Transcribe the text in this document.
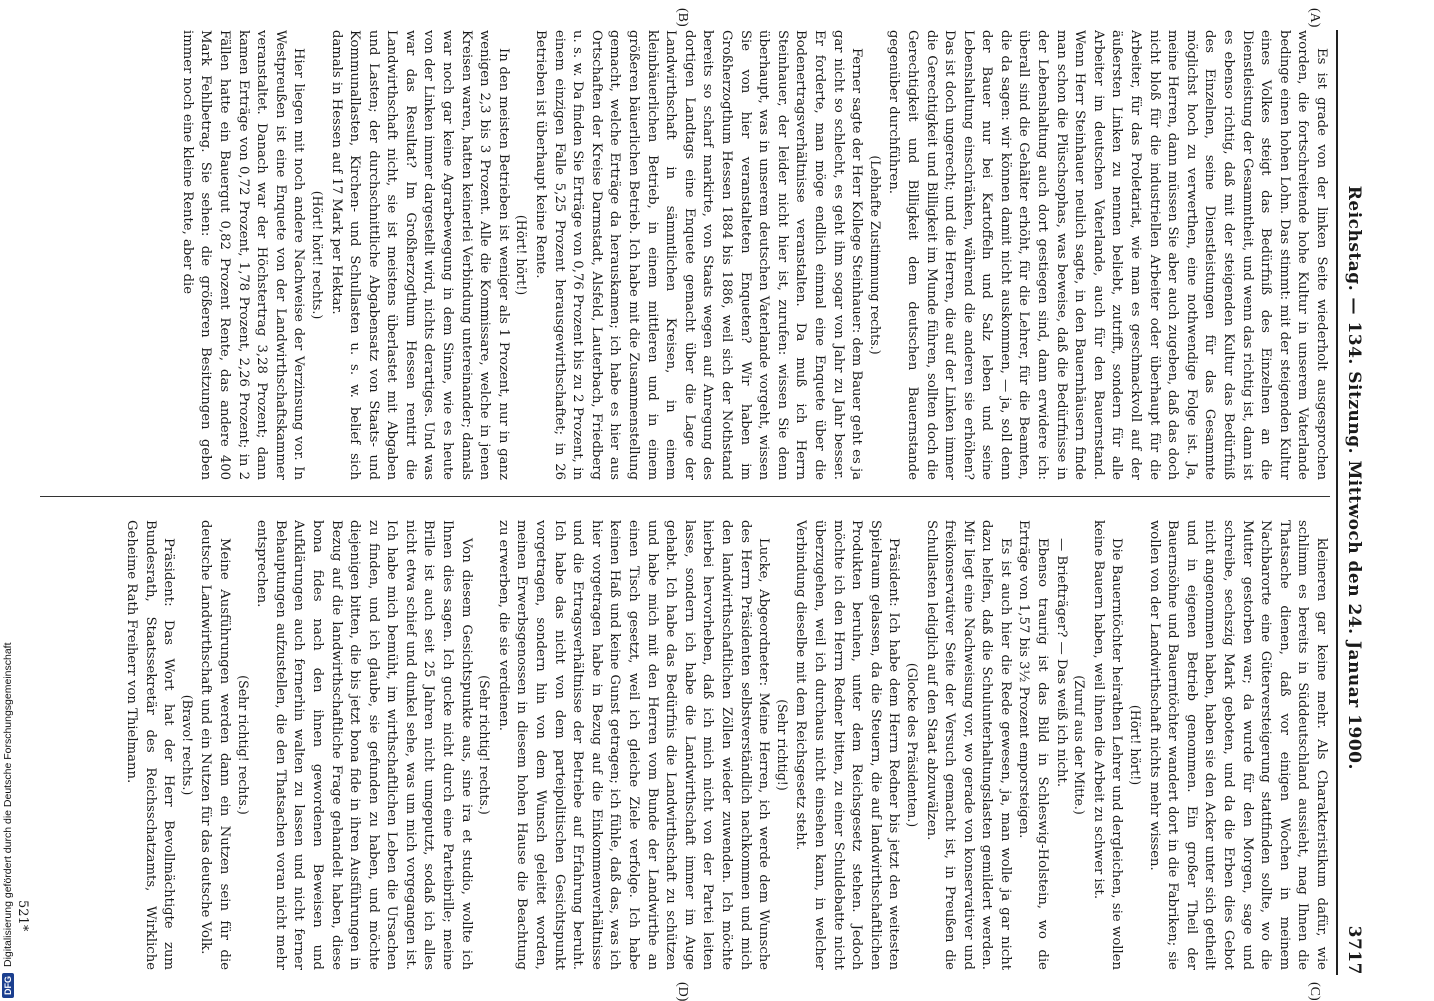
Reichstag. — 134. Sitzung. Mittwoch den 24. Januar 1900.
3717
(A)
(B)
(C)
(D)

Es ist grade von der linken Seite wiederholt ausgesprochen worden, die fortschreitende hohe Kultur in unserem Vaterlande bedinge einen hohen Lohn. Das stimmt: mit der steigenden Kultur eines Volkes steigt das Bedürfniß des Einzelnen an die Dienstleistung der Gesammtheit, und wenn das richtig ist, dann ist es ebenso richtig, daß mit der steigenden Kultur das Bedürfniß des Einzelnen, seine Dienstleistungen für das Gesammte möglichst hoch zu verwerthen, eine nothwendige Folge ist. Ja, meine Herren, dann müssen Sie aber auch zugeben, daß das doch nicht bloß für die industriellen Arbeiter oder überhaupt für die Arbeiter, für das Proletariat, wie man es geschmackvoll auf der äußersten Linken zu nennen beliebt, zutrifft, sondern für alle Arbeiter im deutschen Vaterlande, auch für den Bauernstand. Wenn Herr Steinhauer neulich sagte, in den Bauernhäusern finde man schon die Plüschsophas, was beweise, daß die Bedürfnisse in der Lebenshaltung auch dort gestiegen sind, dann erwidere ich: überall sind die Gehälter erhöht, für die Lehrer, für die Beamten, die da sagen: wir können damit nicht auskommen, — ja, soll denn der Bauer nur bei Kartoffeln und Salz leben und seine Lebenshaltung einschränken, während die anderen sie erhöhen? Das ist doch ungerecht; und die Herren, die auf der Linken immer die Gerechtigkeit und Billigkeit im Munde führen, sollten doch die Gerechtigkeit und Billigkeit dem deutschen Bauernstande gegenüber durchführen.

(Lebhafte Zustimmung rechts.)

Ferner sagte der Herr Kollege Steinhauer: dem Bauer geht es ja gar nicht so schlecht, es geht ihm sogar von Jahr zu Jahr besser. Er forderte, man möge endlich einmal eine Enquete über die Bodenertragsverhältnisse veranstalten. Da muß ich Herrn Steinhauer, der leider nicht hier ist, zurufen: wissen Sie denn überhaupt, was in unserem deutschen Vaterlande vorgeht, wissen Sie von hier veranstalteten Enqueten? Wir haben im Großherzogthum Hessen 1884 bis 1886, weil sich der Nothstand bereits so scharf markirte, von Staats wegen auf Anregung des dortigen Landtags eine Enquete gemacht über die Lage der Landwirthschaft in sämmtlichen Kreisen, in einem kleinbäuerlichen Betrieb, in einem mittleren und in einem größeren bäuerlichen Betrieb. Ich habe mit die Zusammenstellung gemacht, welche Erträge da herauskamen; ich habe es hier aus Ortschaften der Kreise Darmstadt, Alsfeld, Lauterbach, Friedberg u. s. w. Da finden Sie Erträge von 0,76 Prozent bis zu 2 Prozent, in einem einzigen Falle 5,25 Prozent herausgewirthschaftet; in 26 Betrieben ist überhaupt keine Rente.

(Hört! hört!)

In den meisten Betrieben ist weniger als 1 Prozent, nur in ganz wenigen 2,3 bis 3 Prozent. Alle die Kommissare, welche in jenen Kreisen waren, hatten keinerlei Verbindung untereinander; damals war noch gar keine Agrarbewegung in dem Sinne, wie es heute von der Linken immer dargestellt wird, nichts derartiges. Und was war das Resultat? Im Großherzogthum Hessen rentirt die Landwirthschaft nicht, sie ist meistens überlastet mit Abgaben und Lasten; der durchschnittliche Abgabensatz von Staats- und Kommunallasten, Kirchen- und Schullasten u. s. w. belief sich damals in Hessen auf 17 Mark per Hektar.

(Hört! hört! rechts.)

Hier liegen mit noch andere Nachweise der Verzinsung vor. In Westpreußen ist eine Enquete von der Landwirthschaftskammer veranstaltet. Danach war der Höchstertrag 3,28 Prozent; dann kamen Erträge von 0,72 Prozent, 1,78 Prozent, 2,26 Prozent; in 2 Fällen hatte ein Bauergut 0,82 Prozent Rente, das andere 400 Mark Fehlbetrag. Sie sehen: die größeren Besitzungen geben immer noch eine kleine Rente, aber die

kleineren gar keine mehr. Als Charakteristikum dafür, wie schlimm es bereits in Süddeutschland aussieht, mag Ihnen die Thatsache dienen, daß vor einigen Wochen in meinem Nachbarorte eine Güterversteigerung stattfinden sollte, wo die Mutter gestorben war; da wurde für den Morgen, sage und schreibe, sechszig Mark geboten, und da die Erben dies Gebot nicht angenommen haben, haben sie den Acker unter sich getheilt und in eigenen Betrieb genommen. Ein großer Theil der Bauernsöhne und Bauerntöchter wandert dort in die Fabriken; sie wollen von der Landwirthschaft nichts mehr wissen.

(Hört! hört!)

Die Bauerntöchter heirathen Lehrer und dergleichen, sie wollen keine Bauern haben, weil ihnen die Arbeit zu schwer ist.

(Zuruf aus der Mitte.)

— Briefträger? — Das weiß ich nicht.

Ebenso traurig ist das Bild in Schleswig-Holstein, wo die Erträge von 1,57 bis 3½ Prozent emporsteigen.

Es ist auch hier die Rede gewesen, ja, man wolle ja gar nicht dazu helfen, daß die Schulunterhaltungslasten gemildert werden. Mir liegt eine Nachweisung vor, wo gerade von konservativer und freikonservativer Seite der Versuch gemacht ist, in Preußen die Schullasten lediglich auf den Staat abzuwälzen.

(Glocke des Präsidenten.)

Präsident: Ich habe dem Herrn Redner bis jetzt den weitesten Spielraum gelassen, da die Steuern, die auf landwirthschaftlichen Produkten beruhen, unter dem Reichsgesetz stehen. Jedoch möchte ich den Herrn Redner bitten, zu einer Schuldebatte nicht überzugehen, weil ich durchaus nicht einsehen kann, in welcher Verbindung dieselbe mit dem Reichsgesetz steht.

(Sehr richtig!)

Lucke, Abgeordneter: Meine Herren, ich werde dem Wunsche des Herrn Präsidenten selbstverständlich nachkommen und mich den landwirthschaftlichen Zöllen wieder zuwenden. Ich möchte hierbei hervorheben, daß ich mich nicht von der Partei leiten lasse, sondern ich habe die Landwirthschaft immer im Auge gehabt. Ich habe das Bedürfnis die Landwirthschaft zu schützen und habe mich mit den Herren vom Bunde der Landwirthe an einen Tisch gesetzt, weil ich gleiche Ziele verfolge. Ich habe keinen Haß und keine Gunst getragen; ich fühle, daß das, was ich hier vorgetragen habe in Bezug auf die Einkommenverhältnisse und die Ertragsverhältnisse der Betriebe auf Erfahrung beruht. Ich habe das nicht von dem parteipolitischen Gesichtspunkt vorgetragen, sondern hin von dem Wunsch geleitet worden, meinen Erwerbsgenossen in diesem hohen Hause die Beachtung zu erwerben, die sie verdienen.

(Sehr richtig! rechts.)

Von diesem Gesichtspunkte aus, sine ira et studio, wollte ich Ihnen dies sagen. Ich gucke nicht durch eine Parteibrille; meine Brille ist auch seit 25 Jahren nicht umgeputzt, sodaß ich alles nicht etwa schief und dunkel sehe, was um mich vorgegangen ist. Ich habe mich bemüht, im wirthschaftlichen Leben die Ursachen zu finden, und ich glaube, sie gefunden zu haben, und möchte diejenigen bitten, die bis jetzt bona fide in ihren Ausführungen in Bezug auf die landwirthschaftliche Frage gehandelt haben, diese bona fides nach den ihnen gewordenen Beweisen und Aufklärungen auch fernerhin walten zu lassen und nicht ferner Behauptungen aufzustellen, die den Thatsachen voran nicht mehr entsprechen.

(Sehr richtig! rechts.)

Meine Ausführungen werden dann ein Nutzen sein für die deutsche Landwirthschaft und ein Nutzen für das deutsche Volk.

(Bravo! rechts.)

Präsident: Das Wort hat der Herr Bevollmächtigte zum Bundesrath, Staatssekretär des Reichsschatzamts, Wirkliche Geheime Rath Freiherr von Thielmann.

521*
DFG
Digitalisierung gefördert durch die Deutsche Forschungsgemeinschaft
